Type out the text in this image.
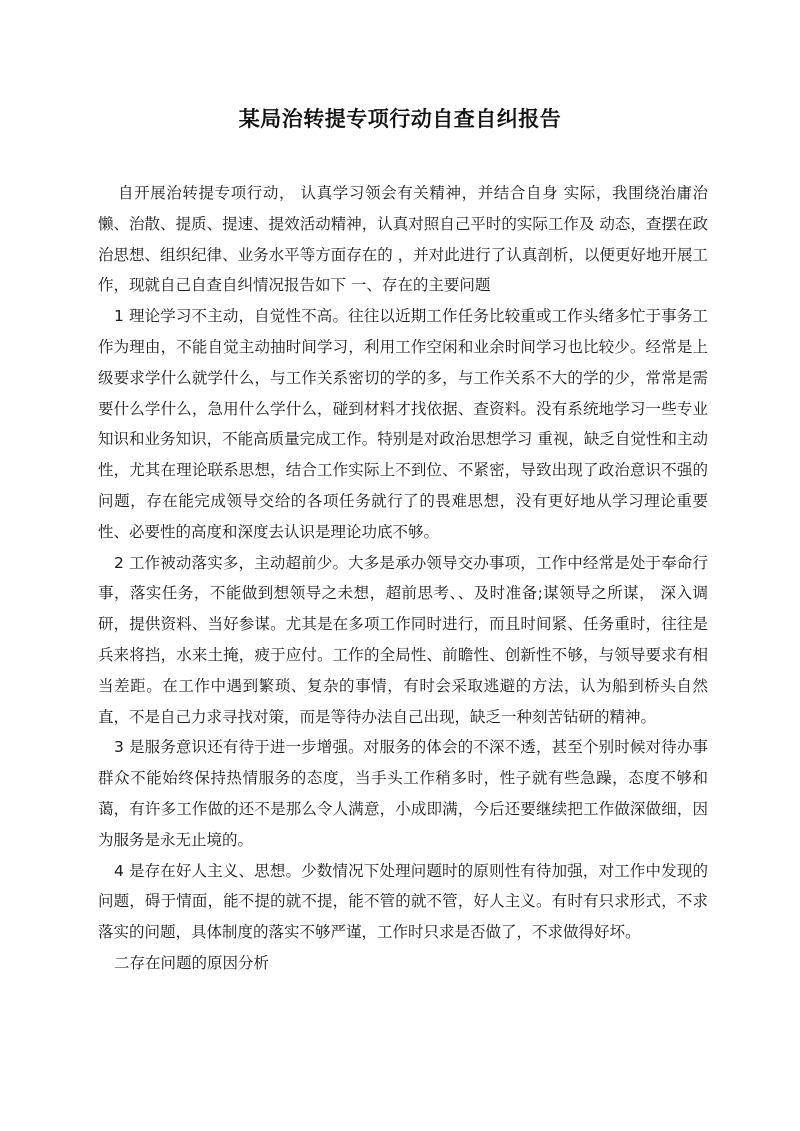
某局治转提专项行动自查自纠报告

自开展治转提专项行动， 认真学习领会有关精神，并结合自身 实际，我围绕治庸治懒、治散、提质、提速、提效活动精神，认真对照自己平时的实际工作及 动态，查摆在政治思想、组织纪律、业务水平等方面存在的 ，并对此进行了认真剖析，以便更好地开展工作，现就自己自查自纠情况报告如下 一、存在的主要问题

1 理论学习不主动，自觉性不高。往往以近期工作任务比较重或工作头绪多忙于事务工作为理由，不能自觉主动抽时间学习，利用工作空闲和业余时间学习也比较少。经常是上级要求学什么就学什么，与工作关系密切的学的多，与工作关系不大的学的少，常常是需要什么学什么，急用什么学什么，碰到材料才找依据、查资料。没有系统地学习一些专业知识和业务知识，不能高质量完成工作。特别是对政治思想学习 重视，缺乏自觉性和主动性，尤其在理论联系思想，结合工作实际上不到位、不紧密，导致出现了政治意识不强的问题，存在能完成领导交给的各项任务就行了的畏难思想，没有更好地从学习理论重要性、必要性的高度和深度去认识是理论功底不够。

2 工作被动落实多，主动超前少。大多是承办领导交办事项，工作中经常是处于奉命行事，落实任务，不能做到想领导之未想，超前思考、、及时准备;谋领导之所谋， 深入调研，提供资料、当好参谋。尤其是在多项工作同时进行，而且时间紧、任务重时，往往是兵来将挡，水来土掩，疲于应付。工作的全局性、前瞻性、创新性不够，与领导要求有相当差距。在工作中遇到繁琐、复杂的事情，有时会采取逃避的方法，认为船到桥头自然直，不是自己力求寻找对策，而是等待办法自己出现，缺乏一种刻苦钻研的精神。

3 是服务意识还有待于进一步增强。对服务的体会的不深不透，甚至个别时候对待办事群众不能始终保持热情服务的态度，当手头工作稍多时，性子就有些急躁，态度不够和蔼，有许多工作做的还不是那么令人满意，小成即满，今后还要继续把工作做深做细，因为服务是永无止境的。

4 是存在好人主义、思想。少数情况下处理问题时的原则性有待加强，对工作中发现的问题，碍于情面，能不提的就不提，能不管的就不管，好人主义。有时有只求形式，不求落实的问题，具体制度的落实不够严谨，工作时只求是否做了，不求做得好坏。

二存在问题的原因分析
